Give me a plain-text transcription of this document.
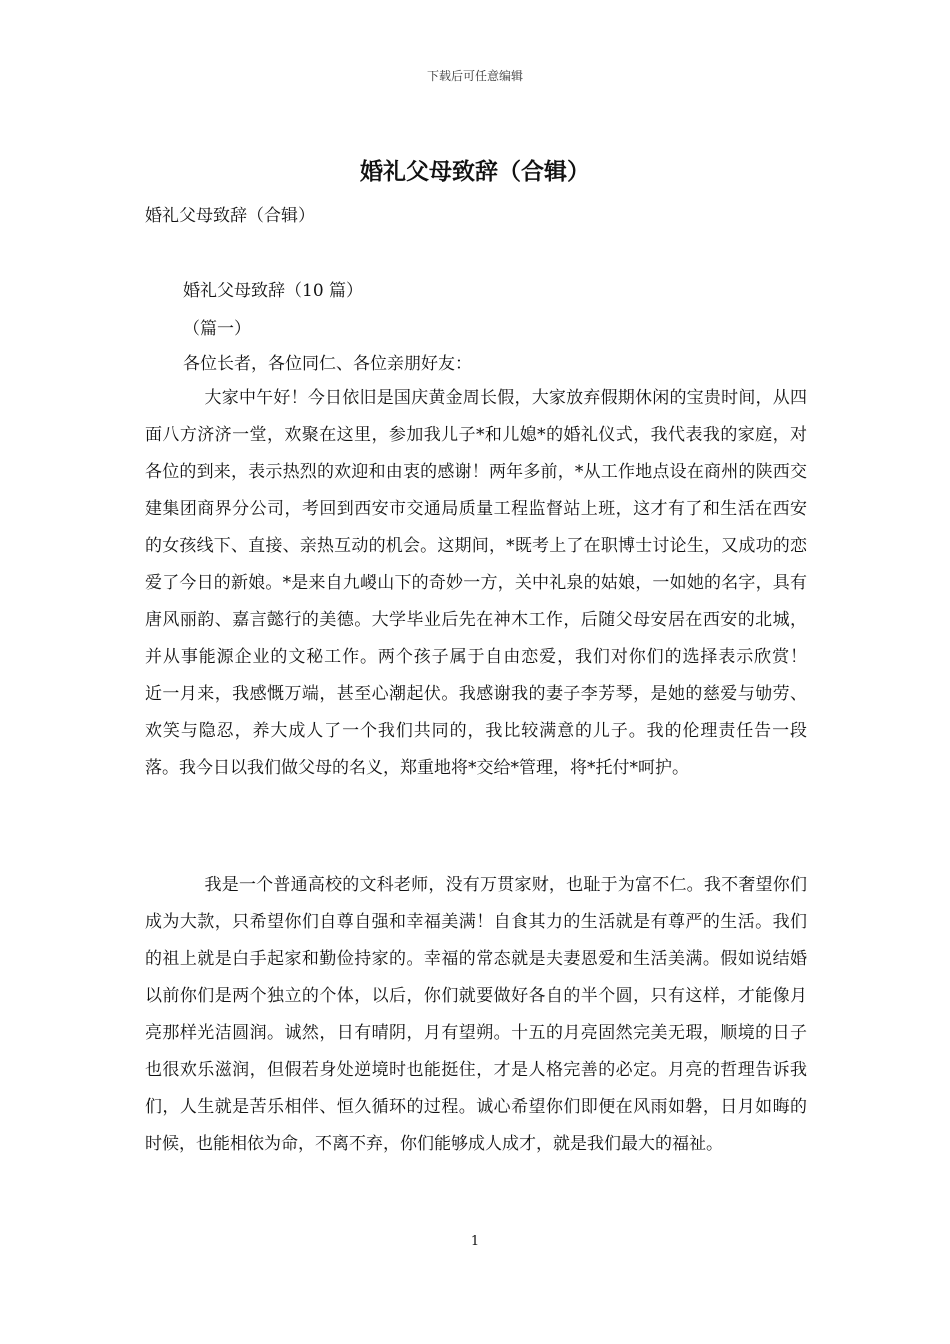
下载后可任意编辑
婚礼父母致辞（合辑）

婚礼父母致辞（合辑）

婚礼父母致辞（10 篇）

（篇一）

各位长者，各位同仁、各位亲朋好友：

大家中午好！今日依旧是国庆黄金周长假，大家放弃假期休闲的宝贵时间，从四面八方济济一堂，欢聚在这里，参加我儿子*和儿媳*的婚礼仪式，我代表我的家庭，对各位的到来，表示热烈的欢迎和由衷的感谢！两年多前，*从工作地点设在商州的陕西交建集团商界分公司，考回到西安市交通局质量工程监督站上班，这才有了和生活在西安的女孩线下、直接、亲热互动的机会。这期间，*既考上了在职博士讨论生，又成功的恋爱了今日的新娘。*是来自九嵕山下的奇妙一方，关中礼泉的姑娘，一如她的名字，具有唐风丽韵、嘉言懿行的美德。大学毕业后先在神木工作，后随父母安居在西安的北城，并从事能源企业的文秘工作。两个孩子属于自由恋爱，我们对你们的选择表示欣赏！　　近一月来，我感慨万端，甚至心潮起伏。我感谢我的妻子李芳琴，是她的慈爱与劬劳、欢笑与隐忍，养大成人了一个我们共同的，我比较满意的儿子。我的伦理责任告一段落。我今日以我们做父母的名义，郑重地将*交给*管理，将*托付*呵护。

我是一个普通高校的文科老师，没有万贯家财，也耻于为富不仁。我不奢望你们成为大款，只希望你们自尊自强和幸福美满！自食其力的生活就是有尊严的生活。我们的祖上就是白手起家和勤俭持家的。幸福的常态就是夫妻恩爱和生活美满。假如说结婚以前你们是两个独立的个体，以后，你们就要做好各自的半个圆，只有这样，才能像月亮那样光洁圆润。诚然，日有晴阴，月有望朔。十五的月亮固然完美无瑕，顺境的日子也很欢乐滋润，但假若身处逆境时也能挺住，才是人格完善的必定。月亮的哲理告诉我们，人生就是苦乐相伴、恒久循环的过程。诚心希望你们即便在风雨如磐，日月如晦的时候，也能相依为命，不离不弃，你们能够成人成才，就是我们最大的福祉。

1
